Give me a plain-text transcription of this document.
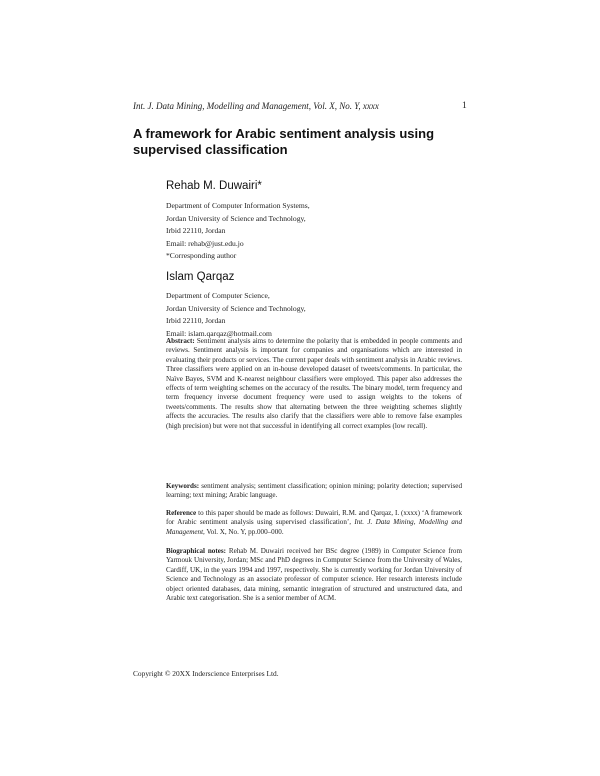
Int. J. Data Mining, Modelling and Management, Vol. X, No. Y, xxxx	1
A framework for Arabic sentiment analysis using supervised classification
Rehab M. Duwairi*
Department of Computer Information Systems,
Jordan University of Science and Technology,
Irbid 22110, Jordan
Email: rehab@just.edu.jo
*Corresponding author
Islam Qarqaz
Department of Computer Science,
Jordan University of Science and Technology,
Irbid 22110, Jordan
Email: islam.qarqaz@hotmail.com
Abstract: Sentiment analysis aims to determine the polarity that is embedded in people comments and reviews. Sentiment analysis is important for companies and organisations which are interested in evaluating their products or services. The current paper deals with sentiment analysis in Arabic reviews. Three classifiers were applied on an in-house developed dataset of tweets/comments. In particular, the Naïve Bayes, SVM and K-nearest neighbour classifiers were employed. This paper also addresses the effects of term weighting schemes on the accuracy of the results. The binary model, term frequency and term frequency inverse document frequency were used to assign weights to the tokens of tweets/comments. The results show that alternating between the three weighting schemes slightly affects the accuracies. The results also clarify that the classifiers were able to remove false examples (high precision) but were not that successful in identifying all correct examples (low recall).
Keywords: sentiment analysis; sentiment classification; opinion mining; polarity detection; supervised learning; text mining; Arabic language.
Reference to this paper should be made as follows: Duwairi, R.M. and Qarqaz, I. (xxxx) ‘A framework for Arabic sentiment analysis using supervised classification’, Int. J. Data Mining, Modelling and Management, Vol. X, No. Y, pp.000–000.
Biographical notes: Rehab M. Duwairi received her BSc degree (1989) in Computer Science from Yarmouk University, Jordan; MSc and PhD degrees in Computer Science from the University of Wales, Cardiff, UK, in the years 1994 and 1997, respectively. She is currently working for Jordan University of Science and Technology as an associate professor of computer science. Her research interests include object oriented databases, data mining, semantic integration of structured and unstructured data, and Arabic text categorisation. She is a senior member of ACM.
Copyright © 20XX Inderscience Enterprises Ltd.
